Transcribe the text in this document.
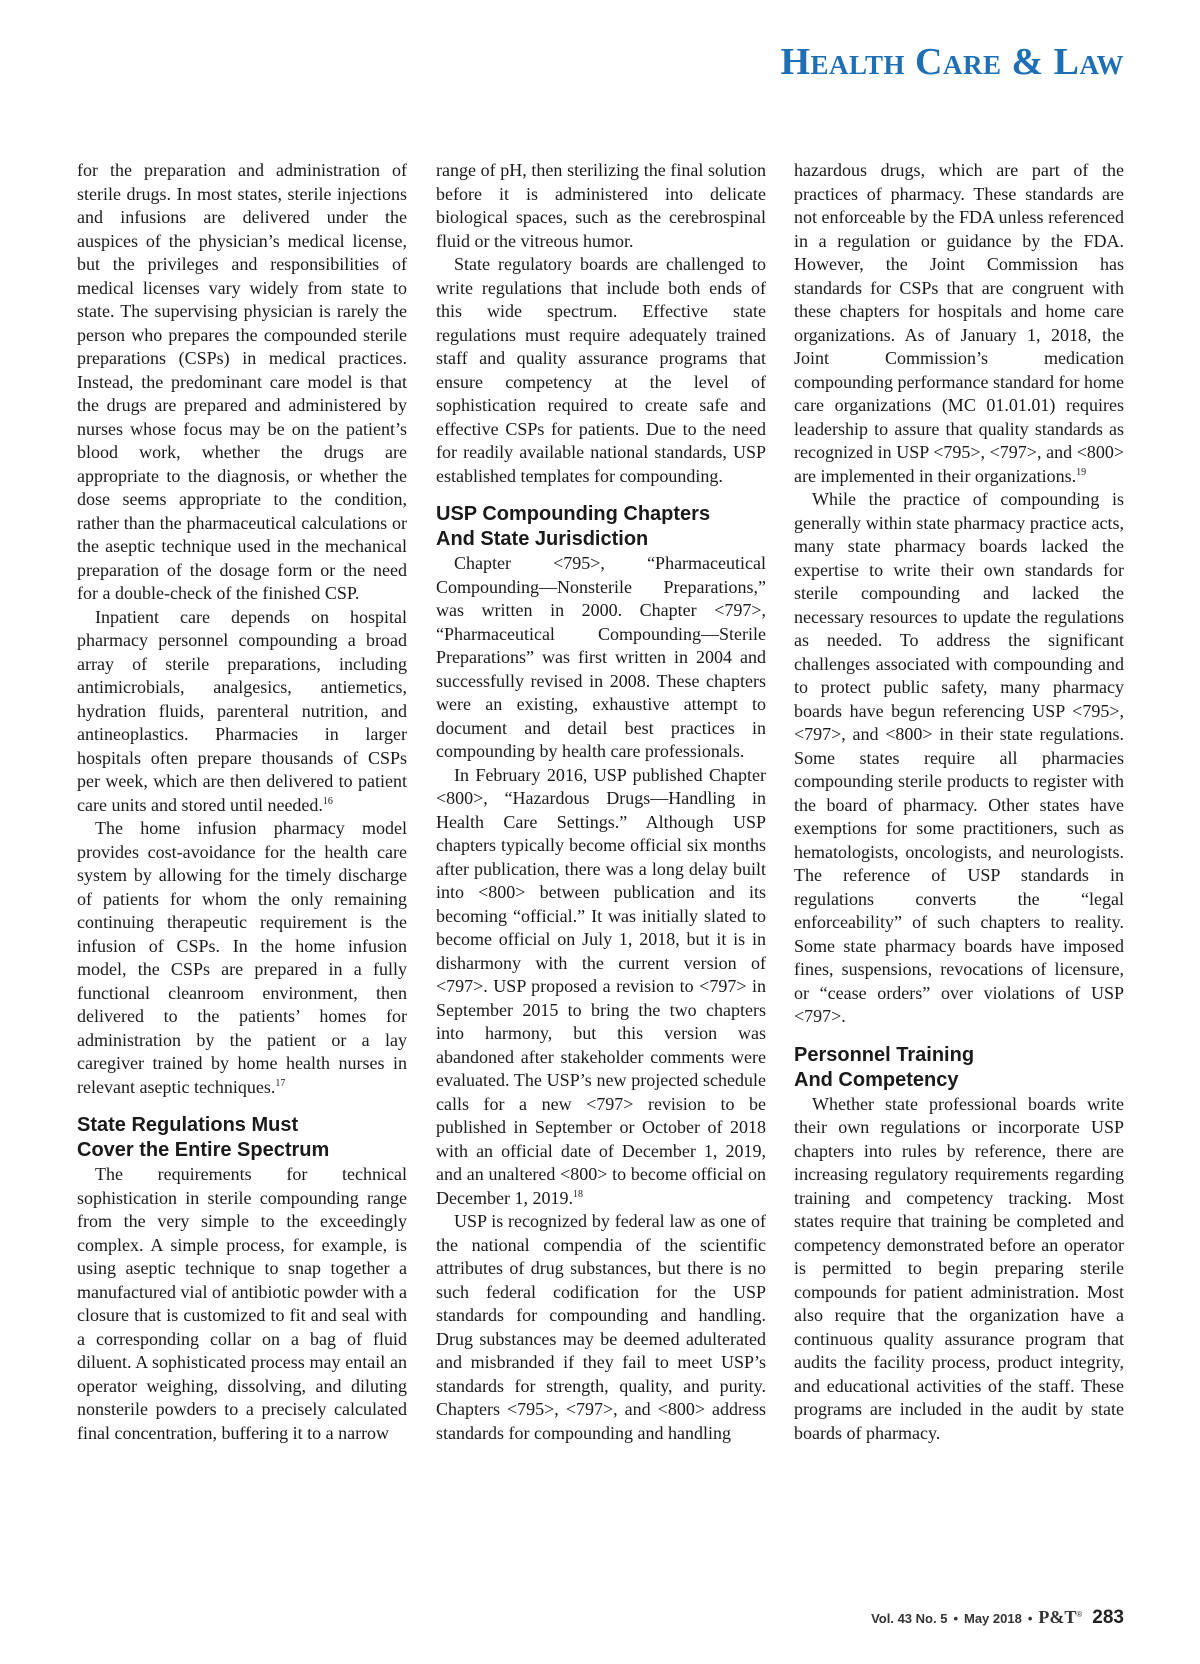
Health Care & Law

for the preparation and administration of sterile drugs. In most states, sterile injections and infusions are delivered under the auspices of the physician’s medical license, but the privileges and responsibilities of medical licenses vary widely from state to state. The supervising physician is rarely the person who prepares the compounded sterile preparations (CSPs) in medical practices. Instead, the predominant care model is that the drugs are prepared and administered by nurses whose focus may be on the patient’s blood work, whether the drugs are appropriate to the diagnosis, or whether the dose seems appropriate to the condition, rather than the pharmaceutical calculations or the aseptic technique used in the mechanical preparation of the dosage form or the need for a double-check of the finished CSP.

Inpatient care depends on hospital pharmacy personnel compounding a broad array of sterile preparations, including antimicrobials, analgesics, antiemetics, hydration fluids, parenteral nutrition, and antineoplastics. Pharmacies in larger hospitals often prepare thousands of CSPs per week, which are then delivered to patient care units and stored until needed.$^{16}$

The home infusion pharmacy model provides cost-avoidance for the health care system by allowing for the timely discharge of patients for whom the only remaining continuing therapeutic requirement is the infusion of CSPs. In the home infusion model, the CSPs are prepared in a fully functional cleanroom environment, then delivered to the patients’ homes for administration by the patient or a lay caregiver trained by home health nurses in relevant aseptic techniques.$^{17}$

State Regulations Must
Cover the Entire Spectrum

The requirements for technical sophistication in sterile compounding range from the very simple to the exceedingly complex. A simple process, for example, is using aseptic technique to snap together a manufactured vial of antibiotic powder with a closure that is customized to fit and seal with a corresponding collar on a bag of fluid diluent. A sophisticated process may entail an operator weighing, dissolving, and diluting nonsterile powders to a precisely calculated final concentration, buffering it to a narrow

range of pH, then sterilizing the final solution before it is administered into delicate biological spaces, such as the cerebrospinal fluid or the vitreous humor.

State regulatory boards are challenged to write regulations that include both ends of this wide spectrum. Effective state regulations must require adequately trained staff and quality assurance programs that ensure competency at the level of sophistication required to create safe and effective CSPs for patients. Due to the need for readily available national standards, USP established templates for compounding.

USP Compounding Chapters
And State Jurisdiction

Chapter <795>, “Pharmaceutical Compounding—Nonsterile Preparations,” was written in 2000. Chapter <797>, “Pharmaceutical Compounding—Sterile Preparations” was first written in 2004 and successfully revised in 2008. These chapters were an existing, exhaustive attempt to document and detail best practices in compounding by health care professionals.

In February 2016, USP published Chapter <800>, “Hazardous Drugs—Handling in Health Care Settings.” Although USP chapters typically become official six months after publication, there was a long delay built into <800> between publication and its becoming “official.” It was initially slated to become official on July 1, 2018, but it is in disharmony with the current version of <797>. USP proposed a revision to <797> in September 2015 to bring the two chapters into harmony, but this version was abandoned after stakeholder comments were evaluated. The USP’s new projected schedule calls for a new <797> revision to be published in September or October of 2018 with an official date of December 1, 2019, and an unaltered <800> to become official on December 1, 2019.18

USP is recognized by federal law as one of the national compendia of the scientific attributes of drug substances, but there is no such federal codification for the USP standards for compounding and handling. Drug substances may be deemed adulterated and misbranded if they fail to meet USP’s standards for strength, quality, and purity. Chapters <795>, <797>, and <800> address standards for compounding and handling

hazardous drugs, which are part of the practices of pharmacy. These standards are not enforceable by the FDA unless referenced in a regulation or guidance by the FDA. However, the Joint Commission has standards for CSPs that are congruent with these chapters for hospitals and home care organizations. As of January 1, 2018, the Joint Commission’s medication compounding performance standard for home care organizations (MC 01.01.01) requires leadership to assure that quality standards as recognized in USP <795>, <797>, and <800> are implemented in their organizations.$^{19}$

While the practice of compounding is generally within state pharmacy practice acts, many state pharmacy boards lacked the expertise to write their own standards for sterile compounding and lacked the necessary resources to update the regulations as needed. To address the significant challenges associated with compounding and to protect public safety, many pharmacy boards have begun referencing USP <795>, <797>, and <800> in their state regulations. Some states require all pharmacies compounding sterile products to register with the board of pharmacy. Other states have exemptions for some practitioners, such as hematologists, oncologists, and neurologists. The reference of USP standards in regulations converts the “legal enforceability” of such chapters to reality. Some state pharmacy boards have imposed fines, suspensions, revocations of licensure, or “cease orders” over violations of USP <797>.

Personnel Training
And Competency

Whether state professional boards write their own regulations or incorporate USP chapters into rules by reference, there are increasing regulatory requirements regarding training and competency tracking. Most states require that training be completed and competency demonstrated before an operator is permitted to begin preparing sterile compounds for patient administration. Most also require that the organization have a continuous quality assurance program that audits the facility process, product integrity, and educational activities of the staff. These programs are included in the audit by state boards of pharmacy.

Vol. 43 No. 5 • May 2018 • P&T® 283
